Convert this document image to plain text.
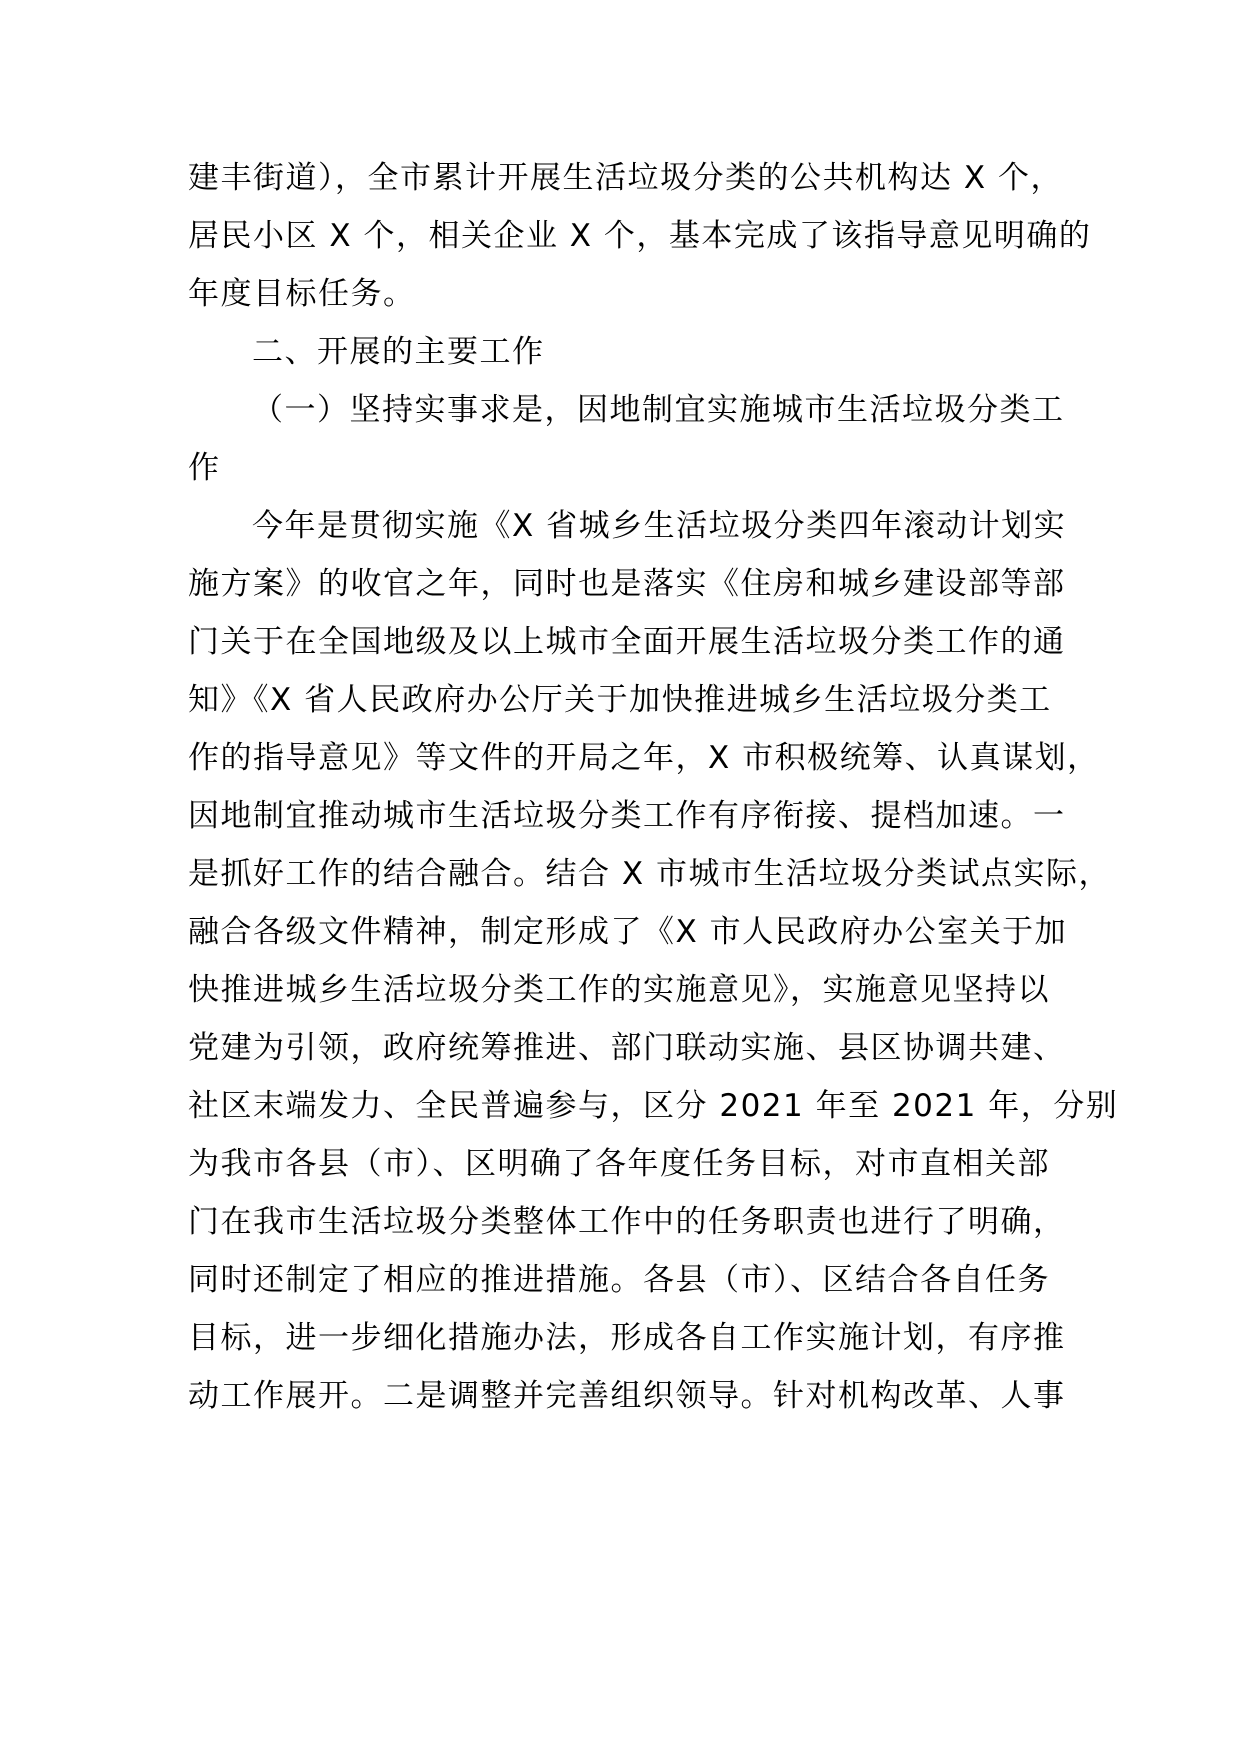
建丰街道），全市累计开展生活垃圾分类的公共机构达 X 个，
居民小区 X 个，相关企业 X 个，基本完成了该指导意见明确的
年度目标任务。
二、开展的主要工作
（一）坚持实事求是，因地制宜实施城市生活垃圾分类工
作
今年是贯彻实施《X 省城乡生活垃圾分类四年滚动计划实
施方案》的收官之年，同时也是落实《住房和城乡建设部等部
门关于在全国地级及以上城市全面开展生活垃圾分类工作的通
知》《X 省人民政府办公厅关于加快推进城乡生活垃圾分类工
作的指导意见》等文件的开局之年，X 市积极统筹、认真谋划，
因地制宜推动城市生活垃圾分类工作有序衔接、提档加速。一
是抓好工作的结合融合。结合 X 市城市生活垃圾分类试点实际，
融合各级文件精神，制定形成了《X 市人民政府办公室关于加
快推进城乡生活垃圾分类工作的实施意见》，实施意见坚持以
党建为引领，政府统筹推进、部门联动实施、县区协调共建、
社区末端发力、全民普遍参与，区分 2021 年至 2021 年，分别
为我市各县（市）、区明确了各年度任务目标，对市直相关部
门在我市生活垃圾分类整体工作中的任务职责也进行了明确，
同时还制定了相应的推进措施。各县（市）、区结合各自任务
目标，进一步细化措施办法，形成各自工作实施计划，有序推
动工作展开。二是调整并完善组织领导。针对机构改革、人事
